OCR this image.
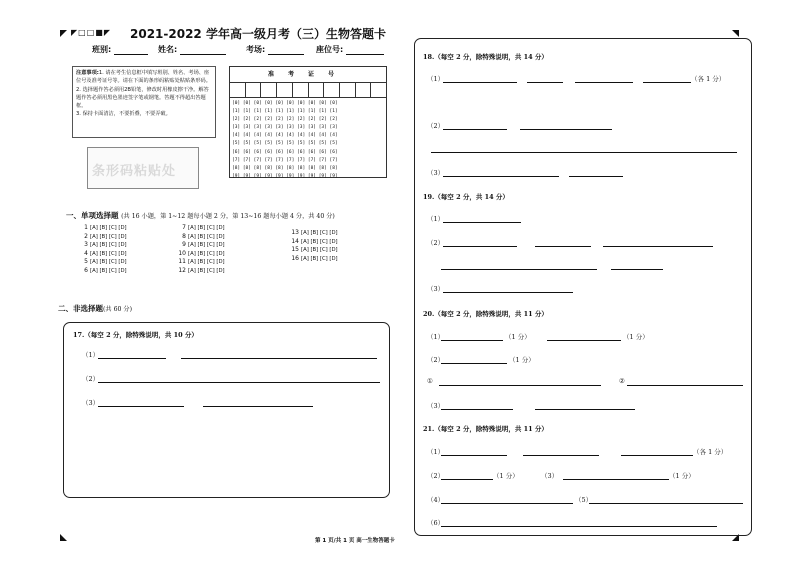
◤□□■◤ 2021-2022 学年高一级月考（三）生物答题卡
班别:	姓名:	考场:	座位号:
注意事项:1. 请在考生信息框中填写班别、姓名、考场、座位号及准考证号等。请在下面的条形码粘贴处粘贴条形码。
2. 选择题作答必须用2B铅笔，修改时用橡皮擦干净。解答题作答必须用黑色墨迹签字笔或钢笔。答题不得超出答题框。
3. 保持卡面清洁，不要折叠，不要弄破。
条形码粘贴处
准考证号
[0] [0] [0] [0] [0] [0] [0] [0] [0] [0]
[1] [1] [1] [1] [1] [1] [1] [1] [1] [1]
[2] [2] [2] [2] [2] [2] [2] [2] [2] [2]
[3] [3] [3] [3] [3] [3] [3] [3] [3] [3]
[4] [4] [4] [4] [4] [4] [4] [4] [4] [4]
[5] [5] [5] [5] [5] [5] [5] [5] [5] [5]
[6] [6] [6] [6] [6] [6] [6] [6] [6] [6]
[7] [7] [7] [7] [7] [7] [7] [7] [7] [7]
[8] [8] [8] [8] [8] [8] [8] [8] [8] [8]
[9] [9] [9] [9] [9] [9] [9] [9] [9] [9]
一、单项选择题 (共 16 小题，第 1~12 题每小题 2 分，第 13~16 题每小题 4 分，共 40 分)
1 [A] [B] [C] [D]
2 [A] [B] [C] [D]
3 [A] [B] [C] [D]
4 [A] [B] [C] [D]
5 [A] [B] [C] [D]
6 [A] [B] [C] [D]
7 [A] [B] [C] [D]
8 [A] [B] [C] [D]
9 [A] [B] [C] [D]
10 [A] [B] [C] [D]
11 [A] [B] [C] [D]
12 [A] [B] [C] [D]
13 [A] [B] [C] [D]
14 [A] [B] [C] [D]
15 [A] [B] [C] [D]
16 [A] [B] [C] [D]
二、非选择题(共 60 分)
17.（每空 2 分，除特殊说明，共 10 分）
（1）
（2）
（3）
18.（每空 2 分，除特殊说明，共 14 分）
（1）	（各 1 分）
（2）
（3）
19.（每空 2 分，共 14 分）
（1）
（2）
（3）
20.（每空 2 分，除特殊说明，共 11 分）
（1）	（1 分）	（1 分）
（2）	（1 分）
①	②
（3）
21.（每空 2 分，除特殊说明，共 11 分）
（1）	（各 1 分）
（2）	（1 分）	（3）	（1 分）
（4）	（5）
（6）
第 1 页/共 1 页 高一生物答题卡
